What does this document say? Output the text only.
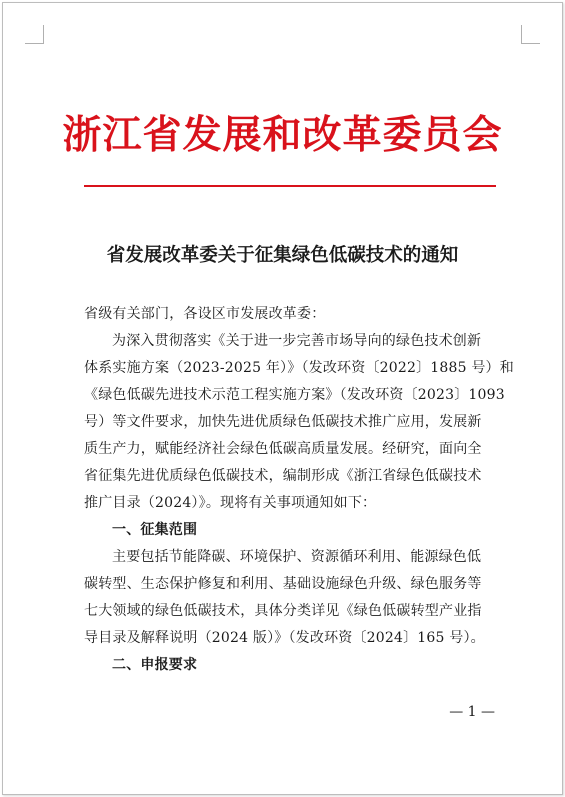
浙江省发展和改革委员会
省发展改革委关于征集绿色低碳技术的通知
省级有关部门，各设区市发展改革委：
为深入贯彻落实《关于进一步完善市场导向的绿色技术创新
体系实施方案（2023-2025 年）》（发改环资〔2022〕1885 号）和
《绿色低碳先进技术示范工程实施方案》（发改环资〔2023〕1093
号）等文件要求，加快先进优质绿色低碳技术推广应用，发展新
质生产力，赋能经济社会绿色低碳高质量发展。经研究，面向全
省征集先进优质绿色低碳技术，编制形成《浙江省绿色低碳技术
推广目录（2024）》。现将有关事项通知如下：
一、征集范围
主要包括节能降碳、环境保护、资源循环利用、能源绿色低
碳转型、生态保护修复和利用、基础设施绿色升级、绿色服务等
七大领域的绿色低碳技术，具体分类详见《绿色低碳转型产业指
导目录及解释说明（2024 版）》（发改环资〔2024〕165 号）。
二、申报要求
— 1 —
